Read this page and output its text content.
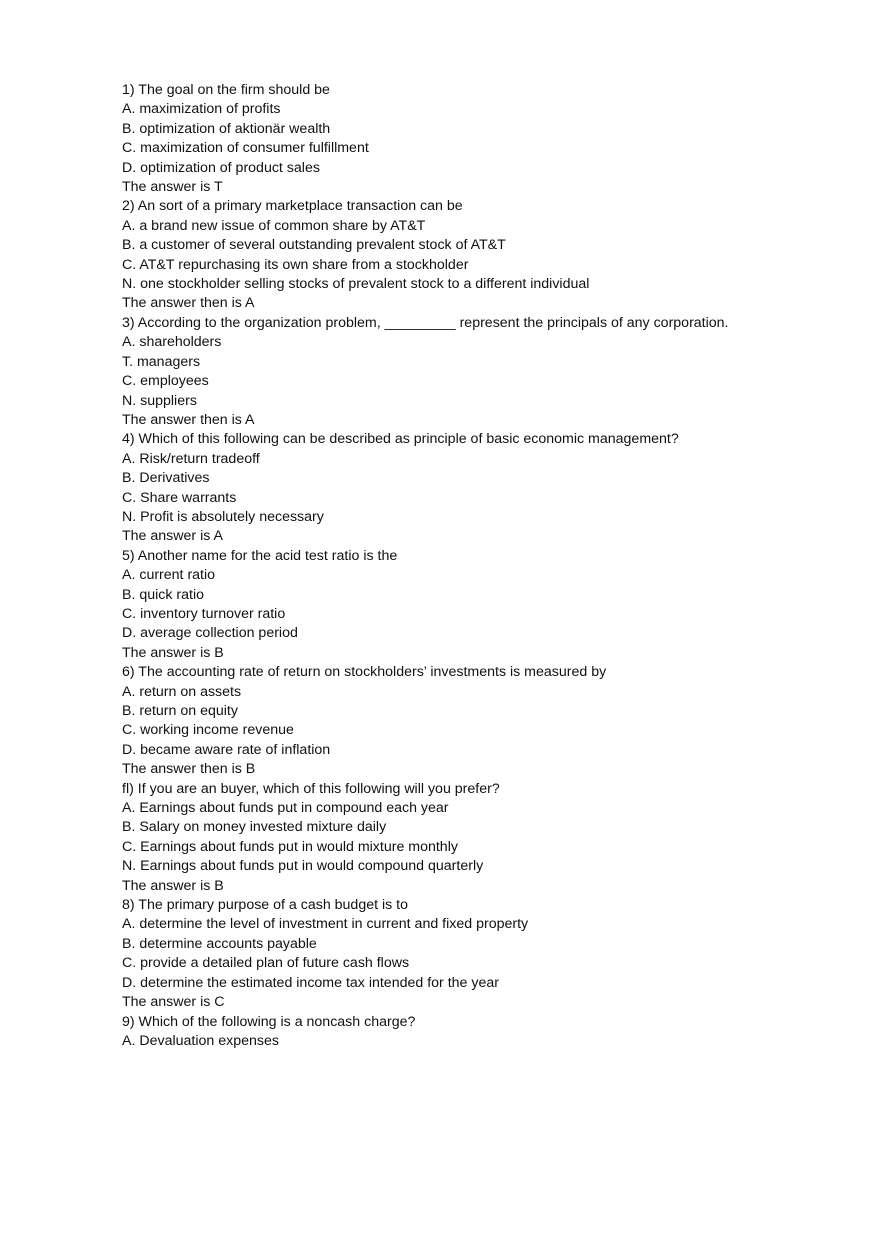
1) The goal on the firm should be

A. maximization of profits

B. optimization of aktionär wealth

C. maximization of consumer fulfillment

D. optimization of product sales

The answer is T

2) An sort of a primary marketplace transaction can be

A. a brand new issue of common share by AT&T

B. a customer of several outstanding prevalent stock of AT&T

C. AT&T repurchasing its own share from a stockholder

N. one stockholder selling stocks of prevalent stock to a different individual

The answer then is A

3) According to the organization problem, _________ represent the principals of any corporation.

A. shareholders

T. managers

C. employees

N. suppliers

The answer then is A

4) Which of this following can be described as principle of basic economic management?

A. Risk/return tradeoff

B. Derivatives

C. Share warrants

N. Profit is absolutely necessary

The answer is A

5) Another name for the acid test ratio is the

A. current ratio

B. quick ratio

C. inventory turnover ratio

D. average collection period

The answer is B

6) The accounting rate of return on stockholders’ investments is measured by

A. return on assets

B. return on equity

C. working income revenue

D. became aware rate of inflation

The answer then is B

fl) If you are an buyer, which of this following will you prefer?

A. Earnings about funds put in compound each year

B. Salary on money invested mixture daily

C. Earnings about funds put in would mixture monthly

N. Earnings about funds put in would compound quarterly

The answer is B

8) The primary purpose of a cash budget is to

A. determine the level of investment in current and fixed property

B. determine accounts payable

C. provide a detailed plan of future cash flows

D. determine the estimated income tax intended for the year

The answer is C

9) Which of the following is a noncash charge?

A. Devaluation expenses
